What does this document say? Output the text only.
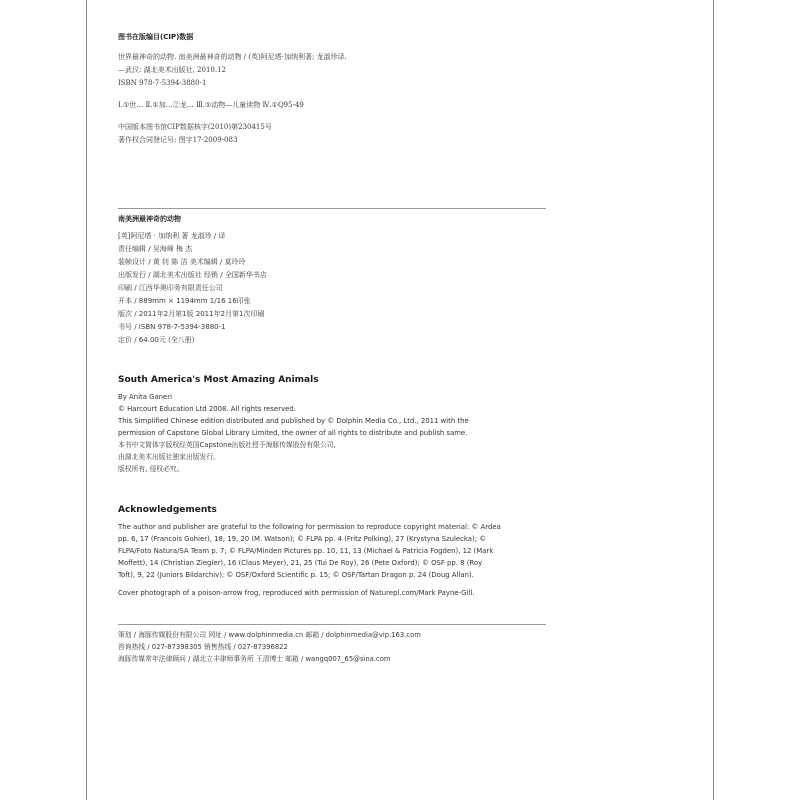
图书在版编目(CIP)数据
世界最神奇的动物. 南美洲最神奇的动物 / (英)阿尼塔·加纳利著; 龙淑珍译.
—武汉: 湖北美术出版社, 2010.12
ISBN 978-7-5394-3880-1
Ⅰ.①世… Ⅱ.①加…②龙… Ⅲ.①动物—儿童读物 Ⅳ.①Q95-49
中国版本图书馆CIP数据核字(2010)第230415号
著作权合同登记号: 图字17-2009-083
南美洲最神奇的动物
[英]阿尼塔 · 加纳利 著 龙淑珍 / 译
责任编辑 / 吴海峰 梅 杰
装帧设计 / 黄 钊 陈 洁 美术编辑 / 莫玲玲
出版发行 / 湖北美术出版社 经销 / 全国新华书店
印刷 / 江西华奥印务有限责任公司
开本 / 889mm × 1194mm 1/16 16印张
版次 / 2011年2月第1版 2011年2月第1次印刷
书号 / ISBN 978-7-5394-3880-1
定价 / 64.00元 (全八册)
South America's Most Amazing Animals
By Anita Ganeri
© Harcourt Education Ltd 2008. All rights reserved.
This Simplified Chinese edition distributed and published by © Dolphin Media Co., Ltd., 2011 with the
permission of Capstone Global Library Limited, the owner of all rights to distribute and publish same.
本书中文简体字版权经英国Capstone出版社授予海豚传媒股份有限公司,
由湖北美术出版社独家出版发行。
版权所有, 侵权必究。
Acknowledgements
The author and publisher are grateful to the following for permission to reproduce copyright material: © Ardea
pp. 6, 17 (Francois Gohier), 18, 19, 20 (M. Watson); © FLPA pp. 4 (Fritz Polking), 27 (Krystyna Szulecka); ©
FLPA/Foto Natura/SA Team p. 7; © FLPA/Minden Pictures pp. 10, 11, 13 (Michael & Patricia Fogden), 12 (Mark
Moffett), 14 (Christian Ziegler), 16 (Claus Meyer), 21, 25 (Tui De Roy), 26 (Pete Oxford); © OSF pp. 8 (Roy
Toft), 9, 22 (Juniors Bildarchiv); © OSF/Oxford Scientific p. 15; © OSF/Tartan Dragon p. 24 (Doug Allan).
Cover photograph of a poison-arrow frog, reproduced with permission of Naturepl.com/Mark Payne-Gill.
策划 / 海豚传媒股份有限公司 网址 / www.dolphinmedia.cn 邮箱 / dolphinmedia@vip.163.com
咨询热线 / 027-87398305 销售热线 / 027-87396822
海豚传媒常年法律顾问 / 湖北立丰律师事务所 王清博士 邮箱 / wangq007_65@sina.com
